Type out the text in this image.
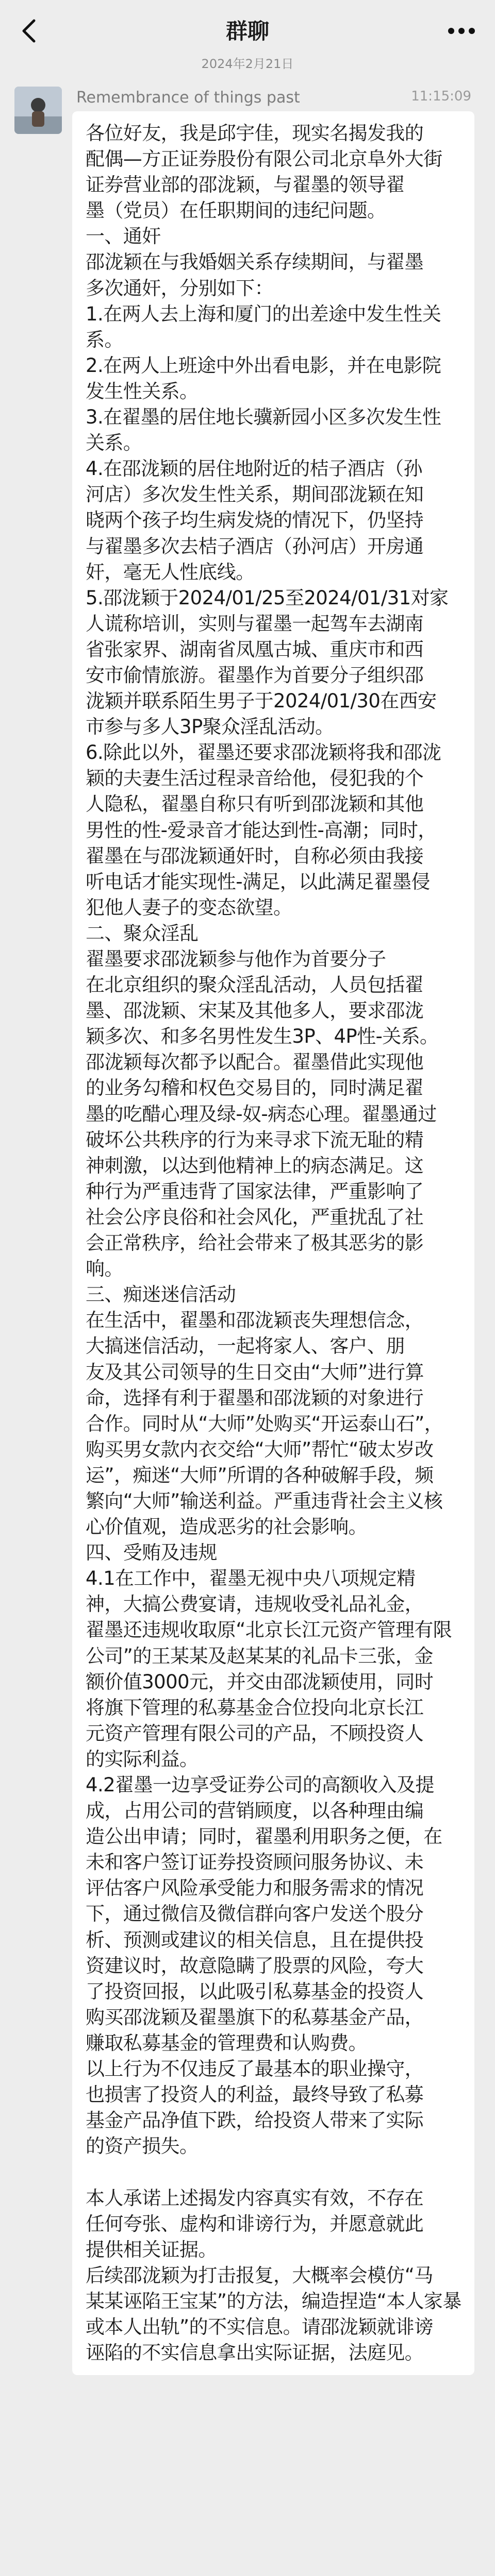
群聊
2024年2月21日
Remembrance of things past	11:15:09
各位好友，我是邱宇佳，现实名揭发我的
配偶—方正证券股份有限公司北京阜外大街
证券营业部的邵泷颖，与翟墨的领导翟
墨（党员）在任职期间的违纪问题。
一、通奸
邵泷颖在与我婚姻关系存续期间，与翟墨
多次通奸，分别如下：
1.在两人去上海和厦门的出差途中发生性关
系。
2.在两人上班途中外出看电影，并在电影院
发生性关系。
3.在翟墨的居住地长骥新园小区多次发生性
关系。
4.在邵泷颖的居住地附近的桔子酒店（孙
河店）多次发生性关系，期间邵泷颖在知
晓两个孩子均生病发烧的情况下，仍坚持
与翟墨多次去桔子酒店（孙河店）开房通
奸，毫无人性底线。
5.邵泷颖于2024/01/25至2024/01/31对家
人谎称培训，实则与翟墨一起驾车去湖南
省张家界、湖南省凤凰古城、重庆市和西
安市偷情旅游。翟墨作为首要分子组织邵
泷颖并联系陌生男子于2024/01/30在西安
市参与多人3P聚众淫乱活动。
6.除此以外，翟墨还要求邵泷颖将我和邵泷
颖的夫妻生活过程录音给他，侵犯我的个
人隐私，翟墨自称只有听到邵泷颖和其他
男性的性-爱录音才能达到性-高潮；同时，
翟墨在与邵泷颖通奸时，自称必须由我接
听电话才能实现性-满足，以此满足翟墨侵
犯他人妻子的变态欲望。
二、聚众淫乱
翟墨要求邵泷颖参与他作为首要分子
在北京组织的聚众淫乱活动，人员包括翟
墨、邵泷颖、宋某及其他多人，要求邵泷
颖多次、和多名男性发生3P、4P性-关系。
邵泷颖每次都予以配合。翟墨借此实现他
的业务勾稽和权色交易目的，同时满足翟
墨的吃醋心理及绿-奴-病态心理。翟墨通过
破坏公共秩序的行为来寻求下流无耻的精
神刺激，以达到他精神上的病态满足。这
种行为严重违背了国家法律，严重影响了
社会公序良俗和社会风化，严重扰乱了社
会正常秩序，给社会带来了极其恶劣的影
响。
三、痴迷迷信活动
在生活中，翟墨和邵泷颖丧失理想信念，
大搞迷信活动，一起将家人、客户、朋
友及其公司领导的生日交由“大师”进行算
命，选择有利于翟墨和邵泷颖的对象进行
合作。同时从“大师”处购买“开运泰山石”，
购买男女款内衣交给“大师”帮忙“破太岁改
运”，痴迷“大师”所谓的各种破解手段，频
繁向“大师”输送利益。严重违背社会主义核
心价值观，造成恶劣的社会影响。
四、受贿及违规
4.1在工作中，翟墨无视中央八项规定精
神，大搞公费宴请，违规收受礼品礼金，
翟墨还违规收取原“北京长江元资产管理有限
公司”的王某某及赵某某的礼品卡三张，金
额价值3000元，并交由邵泷颖使用，同时
将旗下管理的私募基金合位投向北京长江
元资产管理有限公司的产品，不顾投资人
的实际利益。
4.2翟墨一边享受证券公司的高额收入及提
成，占用公司的营销顾度，以各种理由编
造公出申请；同时，翟墨利用职务之便，在
未和客户签订证券投资顾问服务协议、未
评估客户风险承受能力和服务需求的情况
下，通过微信及微信群向客户发送个股分
析、预测或建议的相关信息，且在提供投
资建议时，故意隐瞒了股票的风险，夸大
了投资回报，以此吸引私募基金的投资人
购买邵泷颖及翟墨旗下的私募基金产品，
赚取私募基金的管理费和认购费。
以上行为不仅违反了最基本的职业操守，
也损害了投资人的利益，最终导致了私募
基金产品净值下跌，给投资人带来了实际
的资产损失。

本人承诺上述揭发内容真实有效，不存在
任何夸张、虚构和诽谤行为，并愿意就此
提供相关证据。
后续邵泷颖为打击报复，大概率会模仿“马
某某诬陷王宝某”的方法，编造捏造“本人家暴
或本人出轨”的不实信息。请邵泷颖就诽谤
诬陷的不实信息拿出实际证据，法庭见。
